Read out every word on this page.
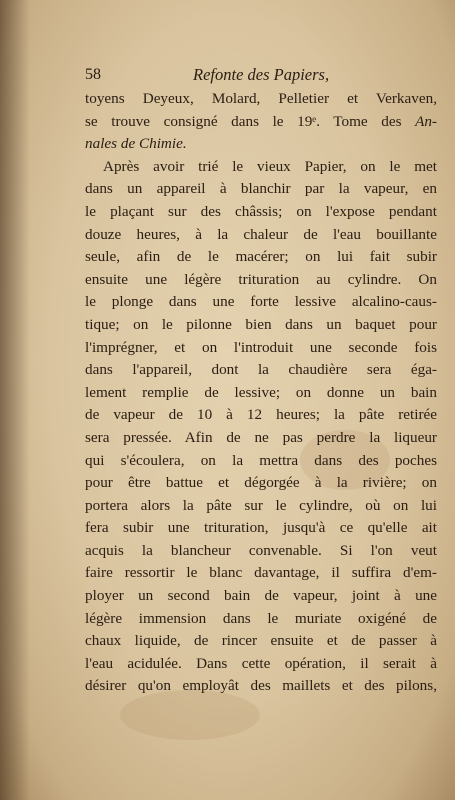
58	Refonte des Papiers,
toyens Deyeux, Molard, Pelletier et Verkaven,
se trouve consigné dans le 19ᵉ. Tome des An-
nales de Chimie.
Après avoir trié le vieux Papier, on le met
dans un appareil à blanchir par la vapeur, en
le plaçant sur des châssis; on l'expose pendant
douze heures, à la chaleur de l'eau bouillante
seule, afin de le macérer; on lui fait subir
ensuite une légère trituration au cylindre. On
le plonge dans une forte lessive alcalino-caus-
tique; on le pilonne bien dans un baquet pour
l'imprégner, et on l'introduit une seconde fois
dans l'appareil, dont la chaudière sera éga-
lement remplie de lessive; on donne un bain
de vapeur de 10 à 12 heures; la pâte retirée
sera pressée. Afin de ne pas perdre la liqueur
qui s'écoulera, on la mettra dans des poches
pour être battue et dégorgée à la rivière; on
portera alors la pâte sur le cylindre, où on lui
fera subir une trituration, jusqu'à ce qu'elle ait
acquis la blancheur convenable. Si l'on veut
faire ressortir le blanc davantage, il suffira d'em-
ployer un second bain de vapeur, joint à une
légère immension dans le muriate oxigéné de
chaux liquide, de rincer ensuite et de passer à
l'eau acidulée. Dans cette opération, il serait à
désirer qu'on employât des maillets et des pilons,
